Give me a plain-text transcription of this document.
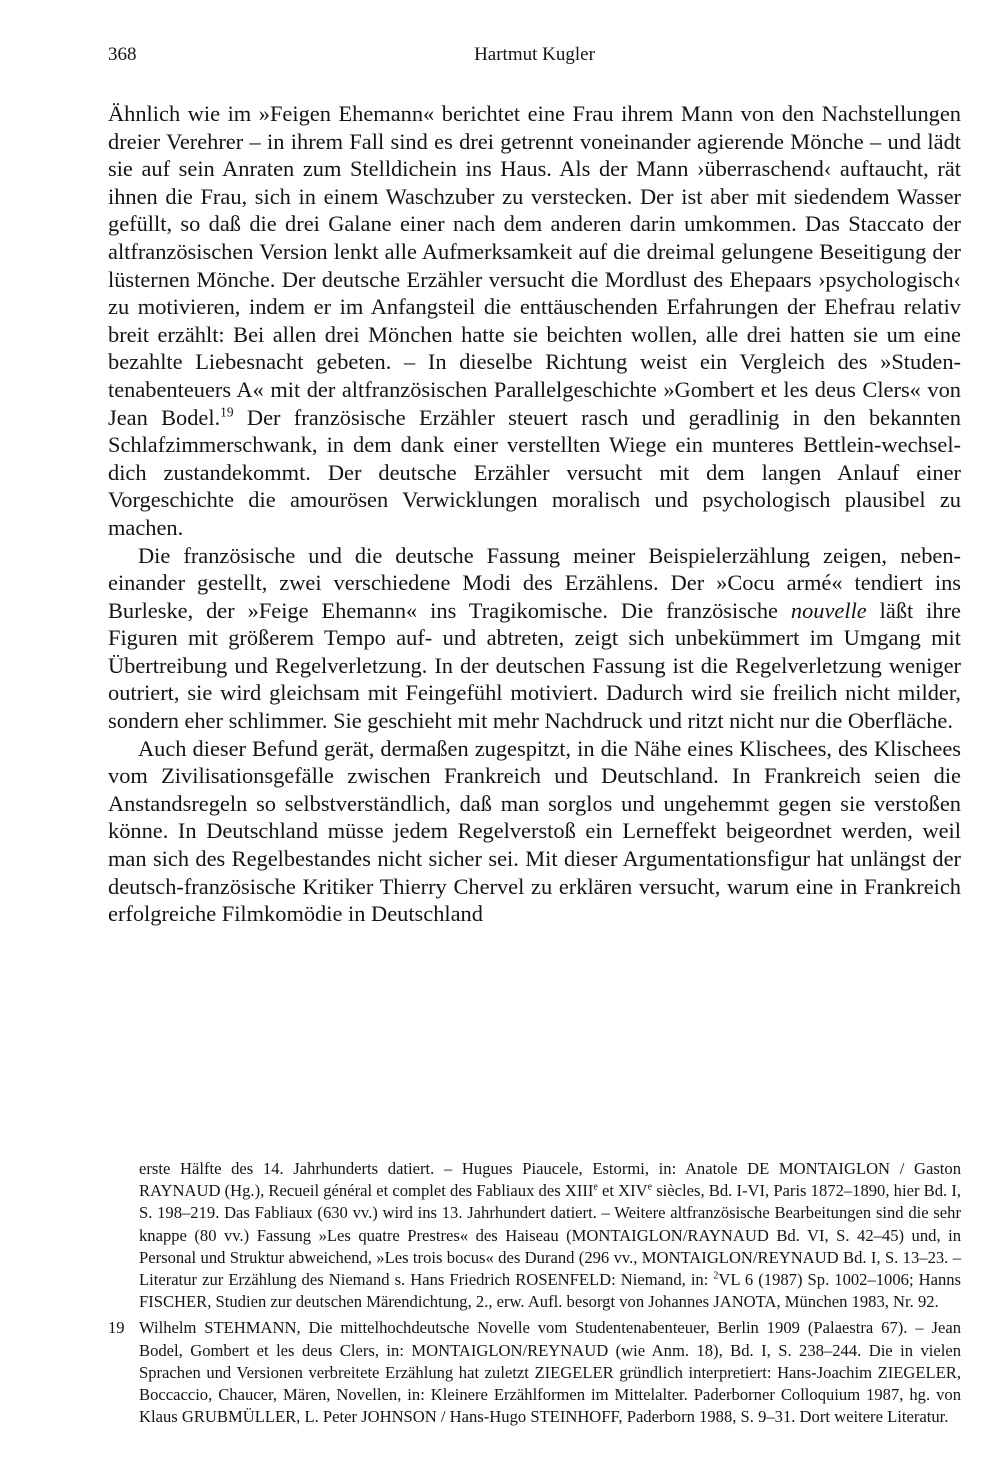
368	Hartmut Kugler

Ähnlich wie im »Feigen Ehemann« berichtet eine Frau ihrem Mann von den Nachstellungen dreier Verehrer – in ihrem Fall sind es drei getrennt voneinander agierende Mönche – und lädt sie auf sein Anraten zum Stelldichein ins Haus. Als der Mann ›überraschend‹ auftaucht, rät ihnen die Frau, sich in einem Waschzuber zu verstecken. Der ist aber mit siedendem Wasser gefüllt, so daß die drei Galane einer nach dem anderen darin umkommen. Das Staccato der altfranzösischen Version lenkt alle Aufmerksamkeit auf die dreimal gelungene Beseitigung der lüsternen Mönche. Der deutsche Erzähler versucht die Mordlust des Ehepaars ›psychologisch‹ zu motivieren, indem er im Anfangsteil die enttäuschenden Erfahrungen der Ehefrau relativ breit erzählt: Bei allen drei Mönchen hatte sie beichten wollen, alle drei hatten sie um eine bezahlte Liebesnacht gebeten. – In dieselbe Richtung weist ein Vergleich des »Studentenabenteuers A« mit der altfranzösischen Parallelgeschichte »Gombert et les deus Clers« von Jean Bodel.$^{19}$ Der französische Erzähler steuert rasch und geradlinig in den bekannten Schlafzimmerschwank, in dem dank einer verstellten Wiege ein munteres Bettlein-wechsel-dich zustandekommt. Der deutsche Erzähler versucht mit dem langen Anlauf einer Vorgeschichte die amourösen Verwicklungen moralisch und psychologisch plausibel zu machen.

Die französische und die deutsche Fassung meiner Beispielerzählung zeigen, nebeneinander gestellt, zwei verschiedene Modi des Erzählens. Der »Cocu armé« tendiert ins Burleske, der »Feige Ehemann« ins Tragikomische. Die französische nouvelle läßt ihre Figuren mit größerem Tempo auf- und abtreten, zeigt sich unbekümmert im Umgang mit Übertreibung und Regelverletzung. In der deutschen Fassung ist die Regelverletzung weniger outriert, sie wird gleichsam mit Feingefühl motiviert. Dadurch wird sie freilich nicht milder, sondern eher schlimmer. Sie geschieht mit mehr Nachdruck und ritzt nicht nur die Oberfläche.

Auch dieser Befund gerät, dermaßen zugespitzt, in die Nähe eines Klischees, des Klischees vom Zivilisationsgefälle zwischen Frankreich und Deutschland. In Frankreich seien die Anstandsregeln so selbstverständlich, daß man sorglos und ungehemmt gegen sie verstoßen könne. In Deutschland müsse jedem Regelverstoß ein Lerneffekt beigeordnet werden, weil man sich des Regelbestandes nicht sicher sei. Mit dieser Argumentationsfigur hat unlängst der deutsch-französische Kritiker Thierry Chervel zu erklären versucht, warum eine in Frankreich erfolgreiche Filmkomödie in Deutschland

erste Hälfte des 14. Jahrhunderts datiert. – Hugues Piaucele, Estormi, in: Anatole DE MONTAIGLON / Gaston RAYNAUD (Hg.), Recueil général et complet des Fabliaux des XIIIe et XIVe siècles, Bd. I-VI, Paris 1872–1890, hier Bd. I, S. 198–219. Das Fabliaux (630 vv.) wird ins 13. Jahrhundert datiert. – Weitere altfranzösische Bearbeitungen sind die sehr knappe (80 vv.) Fassung »Les quatre Prestres« des Haiseau (MONTAIGLON/RAYNAUD Bd. VI, S. 42–45) und, in Personal und Struktur abweichend, »Les trois bocus« des Durand (296 vv., MONTAIGLON/REYNAUD Bd. I, S. 13–23. – Literatur zur Erzählung des Niemand s. Hans Friedrich ROSENFELD: Niemand, in: $^2$VL 6 (1987) Sp. 1002–1006; Hanns FISCHER, Studien zur deutschen Märendichtung, 2., erw. Aufl. besorgt von Johannes JANOTA, München 1983, Nr. 92.

19 Wilhelm STEHMANN, Die mittelhochdeutsche Novelle vom Studentenabenteuer, Berlin 1909 (Palaestra 67). – Jean Bodel, Gombert et les deus Clers, in: MONTAIGLON/REYNAUD (wie Anm. 18), Bd. I, S. 238–244. Die in vielen Sprachen und Versionen verbreitete Erzählung hat zuletzt ZIEGELER gründlich interpretiert: Hans-Joachim ZIEGELER, Boccaccio, Chaucer, Mären, Novellen, in: Kleinere Erzählformen im Mittelalter. Paderborner Colloquium 1987, hg. von Klaus GRUBMÜLLER, L. Peter JOHNSON / Hans-Hugo STEINHOFF, Paderborn 1988, S. 9–31. Dort weitere Literatur.
